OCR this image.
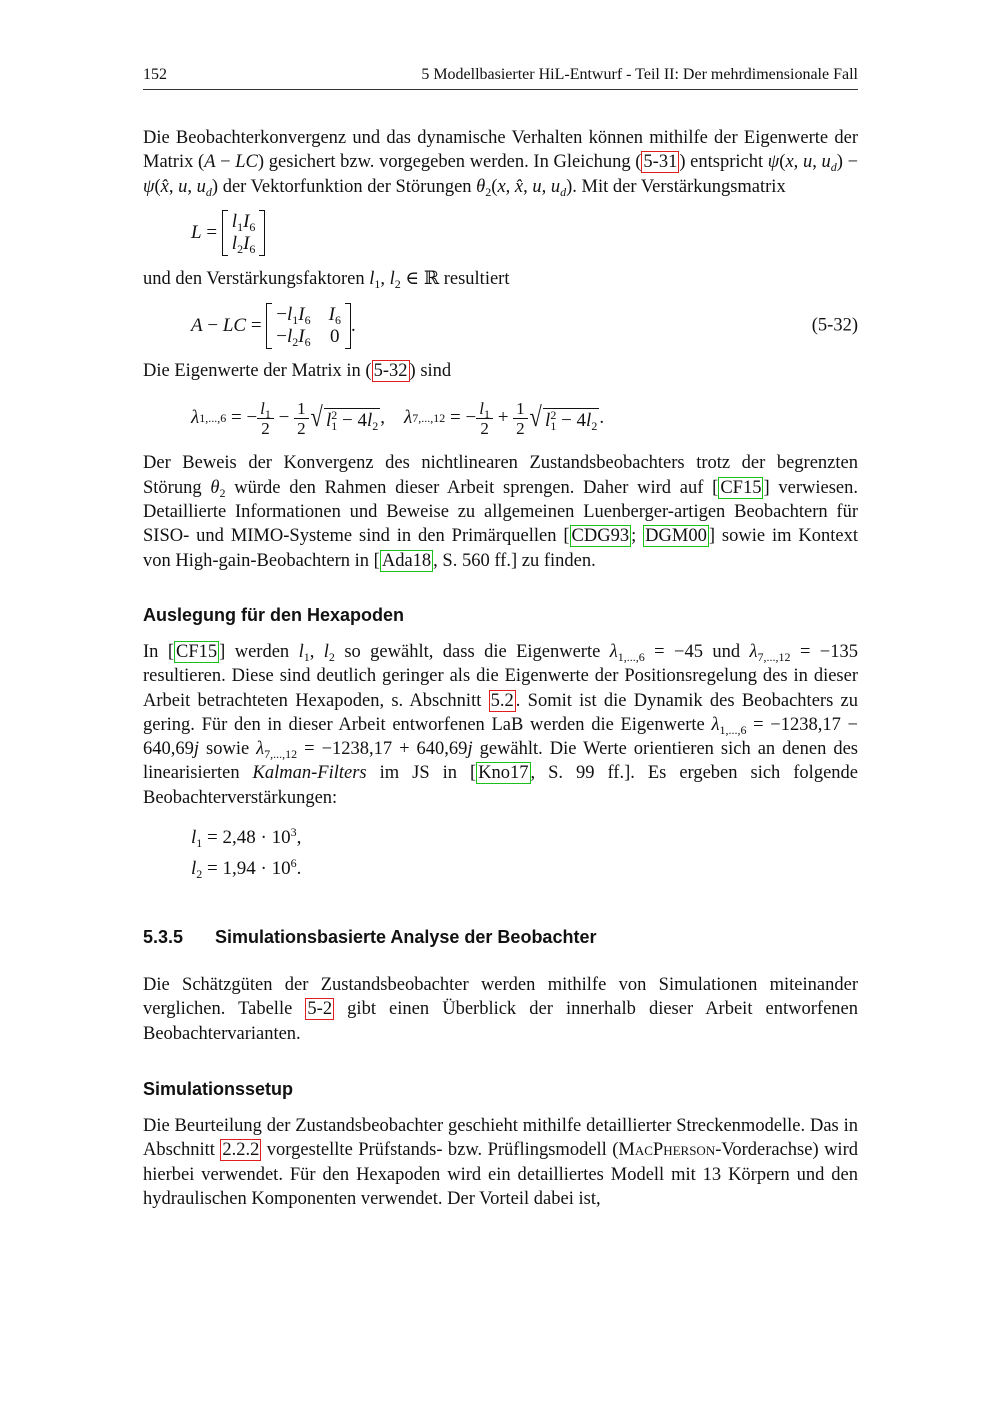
152	5 Modellbasierter HiL-Entwurf - Teil II: Der mehrdimensionale Fall

Die Beobachterkonvergenz und das dynamische Verhalten können mithilfe der Eigenwerte der Matrix (A − LC) gesichert bzw. vorgegeben werden. In Gleichung ( 5-31 ) entspricht ψ(x, u, $u_d$) − ψ(x̂, u, $u_d$) der Vektorfunktion der Störungen $\theta_2(x$, x̂, u, $u_d$). Mit der Verstärkungsmatrix

L =
$l_1I_6$
$l_2I_6$

und den Verstärkungsfaktoren $l_1$, $l_2$ ∈ ℝ resultiert

A − LC =
$-l_1I_6$ $I_6$
$-l_2I_6$ 0
.	(5-32)

Die Eigenwerte der Matrix in ( 5-32 ) sind

λ 1,...,6 = − $\frac{l_1}{2} - \frac{1}{2}$ √ $l_1^2 - 4l_2$ , λ 7,...,12 = − $\frac{l_1}{2} + \frac{1}{2}$ √ $l_1^2 - 4l_2$ .

Der Beweis der Konvergenz des nichtlinearen Zustandsbeobachters trotz der begrenzten Störung $\theta_2$ würde den Rahmen dieser Arbeit sprengen. Daher wird auf [ CF15 ] verwiesen. Detaillierte Informationen und Beweise zu allgemeinen Luenberger-artigen Beobachtern für SISO- und MIMO-Systeme sind in den Primärquellen [ CDG93 ; DGM00 ] sowie im Kontext von High-gain-Beobachtern in [ Ada18 , S. 560 ff.] zu finden.

Auslegung für den Hexapoden

In [ CF15 ] werden $l_1$, $l_2$ so gewählt, dass die Eigenwerte $\lambda_{1,...,6} = -45$ und $\lambda_{7,...,12} = -135$ resultieren. Diese sind deutlich geringer als die Eigenwerte der Positionsregelung des in dieser Arbeit betrachteten Hexapoden, s. Abschnitt 5.2 . Somit ist die Dynamik des Beobachters zu gering. Für den in dieser Arbeit entworfenen LaB werden die Eigenwerte $\lambda_{1,...,6} = -1238,17 - 640,69j$ sowie $\lambda_{7,...,12} = -1238,17 + 640,69j$ gewählt. Die Werte orientieren sich an denen des linearisierten Kalman-Filters im JS in [ Kno17 , S. 99 ff.]. Es ergeben sich folgende Beobachterverstärkungen:

$l_1 = 2,48 \cdot 10^3$,
$l_2 = 1,94 \cdot 10^6$.
5.3.5 Simulationsbasierte Analyse der Beobachter

Die Schätzgüten der Zustandsbeobachter werden mithilfe von Simulationen miteinander verglichen. Tabelle 5-2 gibt einen Überblick der innerhalb dieser Arbeit entworfenen Beobachtervarianten.

Simulationssetup

Die Beurteilung der Zustandsbeobachter geschieht mithilfe detaillierter Streckenmodelle. Das in Abschnitt 2.2.2 vorgestellte Prüfstands- bzw. Prüflingsmodell (MacPherson-Vorderachse) wird hierbei verwendet. Für den Hexapoden wird ein detailliertes Modell mit 13 Körpern und den hydraulischen Komponenten verwendet. Der Vorteil dabei ist,
